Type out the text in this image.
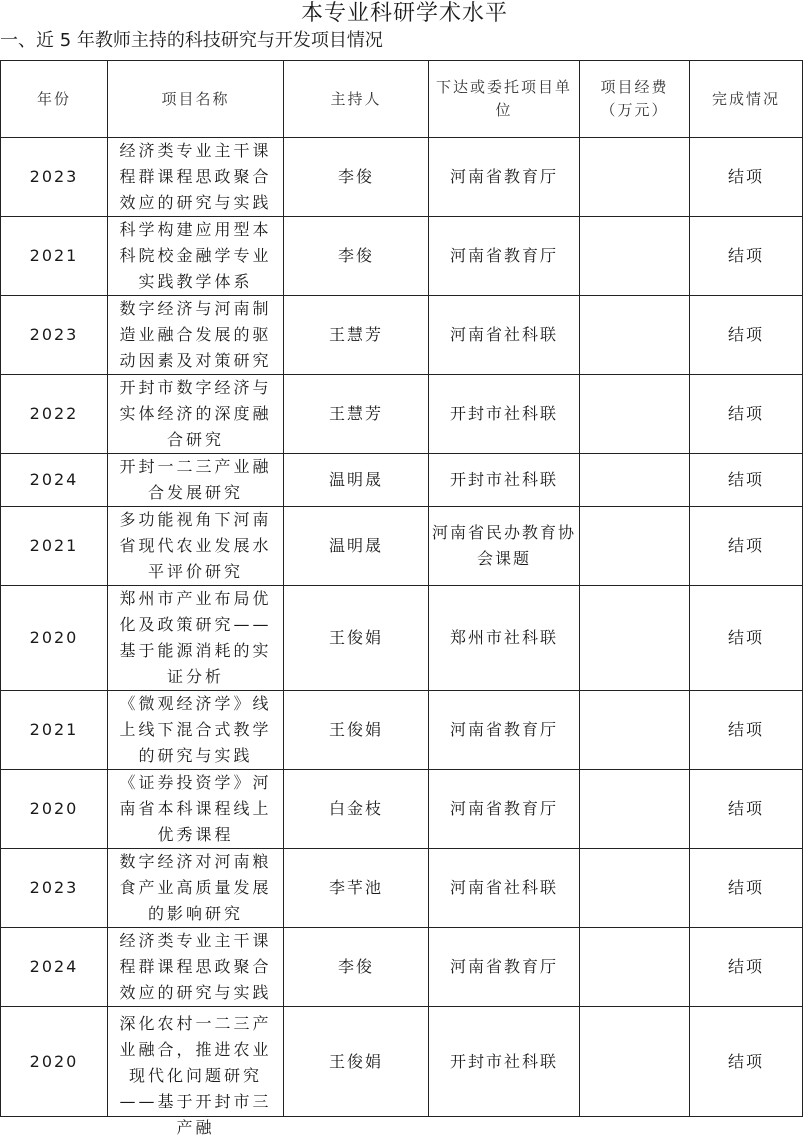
本专业科研学术水平
一、近 5 年教师主持的科技研究与开发项目情况
年份	项目名称	主持人	下达或委托项目单位	项目经费 （万元）	完成情况
2023	经济类专业主干课程群课程思政聚合效应的研究与实践	李俊	河南省教育厅		结项
2021	科学构建应用型本科院校金融学专业实践教学体系	李俊	河南省教育厅		结项
2023	数字经济与河南制造业融合发展的驱动因素及对策研究	王慧芳	河南省社科联		结项
2022	开封市数字经济与实体经济的深度融合研究	王慧芳	开封市社科联		结项
2024	开封一二三产业融合发展研究	温明晟	开封市社科联		结项
2021	多功能视角下河南省现代农业发展水平评价研究	温明晟	河南省民办教育协会课题		结项
2020	郑州市产业布局优化及政策研究——基于能源消耗的实证分析	王俊娟	郑州市社科联		结项
2021	《微观经济学》线上线下混合式教学的研究与实践	王俊娟	河南省教育厅		结项
2020	《证券投资学》河南省本科课程线上优秀课程	白金枝	河南省教育厅		结项
2023	数字经济对河南粮食产业高质量发展的影响研究	李芊池	河南省社科联		结项
2024	经济类专业主干课程群课程思政聚合效应的研究与实践	李俊	河南省教育厅		结项
2020	深化农村一二三产业融合，推进农业现代化问题研究——基于开封市三产融	王俊娟	开封市社科联		结项
